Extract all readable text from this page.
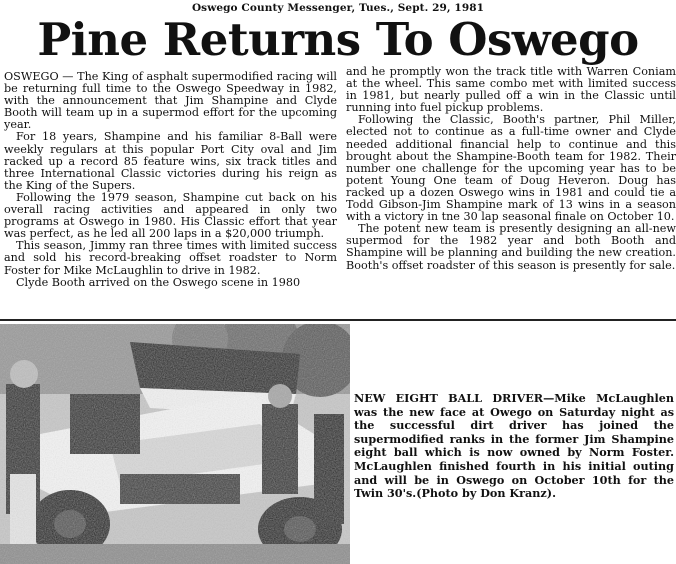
Oswego County Messenger, Tues., Sept. 29, 1981
Pine Returns To Oswego

OSWEGO — The King of asphalt supermodified racing will be returning full time to the Oswego Speedway in 1982, with the announcement that Jim Shampine and Clyde Booth will team up in a supermod effort for the upcoming year.

For 18 years, Shampine and his familiar 8-Ball were weekly regulars at this popular Port City oval and Jim racked up a record 85 feature wins, six track titles and three International Classic victories during his reign as the King of the Supers.

Following the 1979 season, Shampine cut back on his overall racing activities and appeared in only two programs at Oswego in 1980. His Classic effort that year was perfect, as he led all 200 laps in a $20,000 triumph.

This season, Jimmy ran three times with limited success and sold his record-breaking offset roadster to Norm Foster for Mike McLaughlin to drive in 1982.

Clyde Booth arrived on the Oswego scene in 1980

and he promptly won the track title with Warren Coniam at the wheel. This same combo met with limited success in 1981, but nearly pulled off a win in the Classic until running into fuel pickup problems.

Following the Classic, Booth's partner, Phil Miller, elected not to continue as a full-time owner and Clyde needed additional financial help to continue and this brought about the Shampine-Booth team for 1982. Their number one challenge for the upcoming year has to be potent Young One team of Doug Heveron. Doug has racked up a dozen Oswego wins in 1981 and could tie a Todd Gibson-Jim Shampine mark of 13 wins in a season with a victory in tne 30 lap seasonal finale on October 10.

The potent new team is presently designing an all-new supermod for the 1982 year and both Booth and Shampine will be planning and building the new creation. Booth's offset roadster of this season is presently for sale.

NEW EIGHT BALL DRIVER—Mike McLaughlen was the new face at Owego on Saturday night as the successful dirt driver has joined the supermodified ranks in the former Jim Shampine eight ball which is now owned by Norm Foster. McLaughlen finished fourth in his initial outing and will be in Oswego on October 10th for the Twin 30's.(Photo by Don Kranz).
